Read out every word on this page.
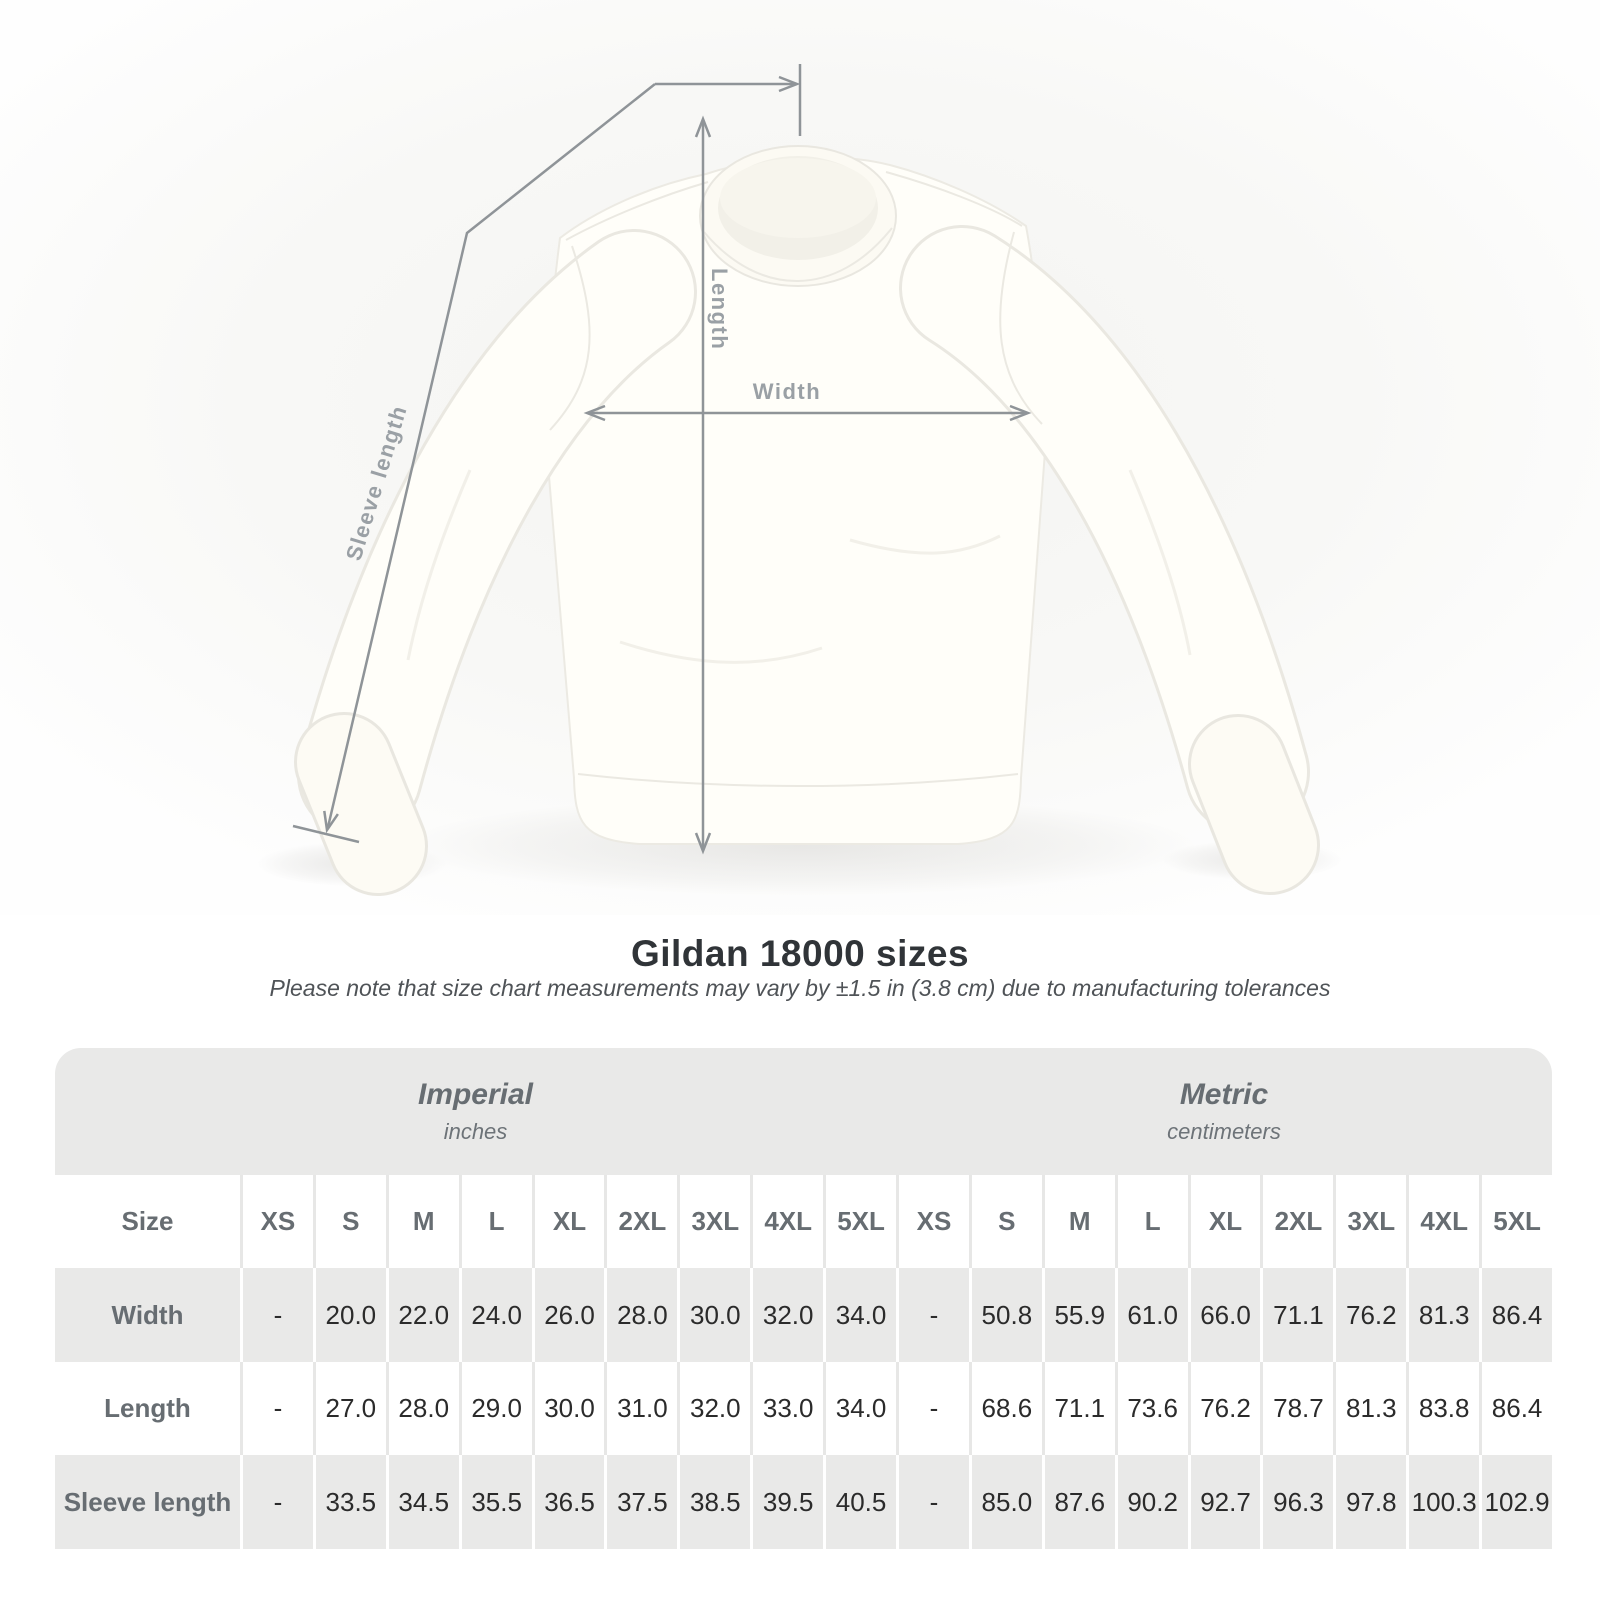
Length
Width
Sleeve length
Gildan 18000 sizes
Please note that size chart measurements may vary by ±1.5 in (3.8 cm) due to manufacturing tolerances
Imperial
inches
Metric
centimeters
Size	XS	S	M	L	XL	2XL 3XL 4XL 5XL	XS	S	M	L	XL	2XL 3XL 4XL 5XL
Width	-	20.0 22.0 24.0 26.0 28.0 30.0 32.0 34.0	-	50.8 55.9 61.0 66.0 71.1 76.2 81.3 86.4
Length	-	27.0 28.0 29.0 30.0 31.0 32.0 33.0 34.0	-	68.6 71.1 73.6 76.2 78.7 81.3 83.8 86.4
Sleeve length	-	33.5 34.5 35.5 36.5 37.5 38.5 39.5 40.5	-	85.0 87.6 90.2 92.7 96.3 97.8 100.3 102.9
